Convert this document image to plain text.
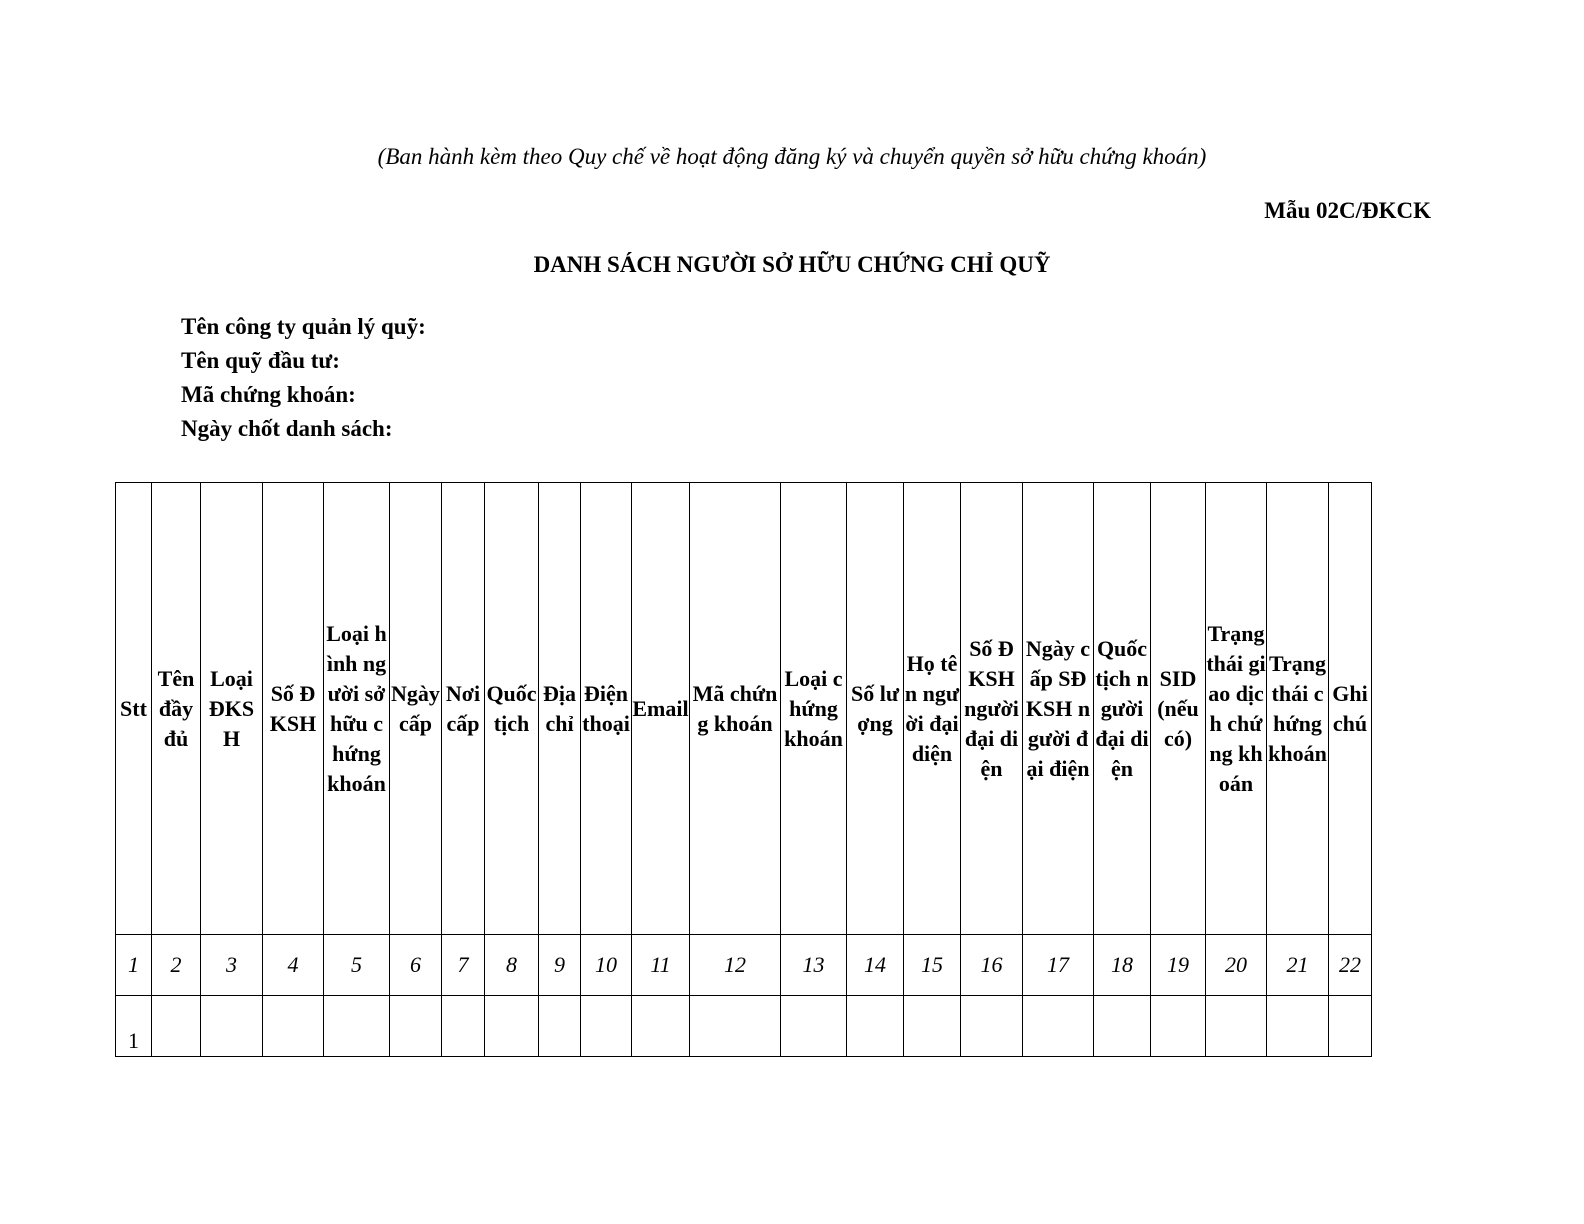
(Ban hành kèm theo Quy chế về hoạt động đăng ký và chuyển quyền sở hữu chứng khoán)
Mẫu 02C/ĐKCK
DANH SÁCH NGƯỜI SỞ HỮU CHỨNG CHỈ QUỸ
Tên công ty quản lý quỹ:
Tên quỹ đầu tư:
Mã chứng khoán:
Ngày chốt danh sách:
Stt	Tên đầy đủ	Loại ĐKSH	Số ĐKSH	Loại hình người sở hữu chứng khoán	Ngày cấp	Nơi cấp	Quốc tịch	Địa chỉ	Điện thoại	Email	Mã chứng khoán	Loại chứng khoán	Số lượng	Họ tên người đại diện	Số ĐKSH người đại diện	Ngày cấp SĐKSH người đại điện	Quốc tịch người đại diện	SID (nếu có)	Trạng thái giao dịch chứng khoán	Trạng thái chứng khoán	Ghi chú
1	2	3	4	5	6	7	8	9	10	11	12	13	14	15	16	17	18	19	20	21	22

1																					
